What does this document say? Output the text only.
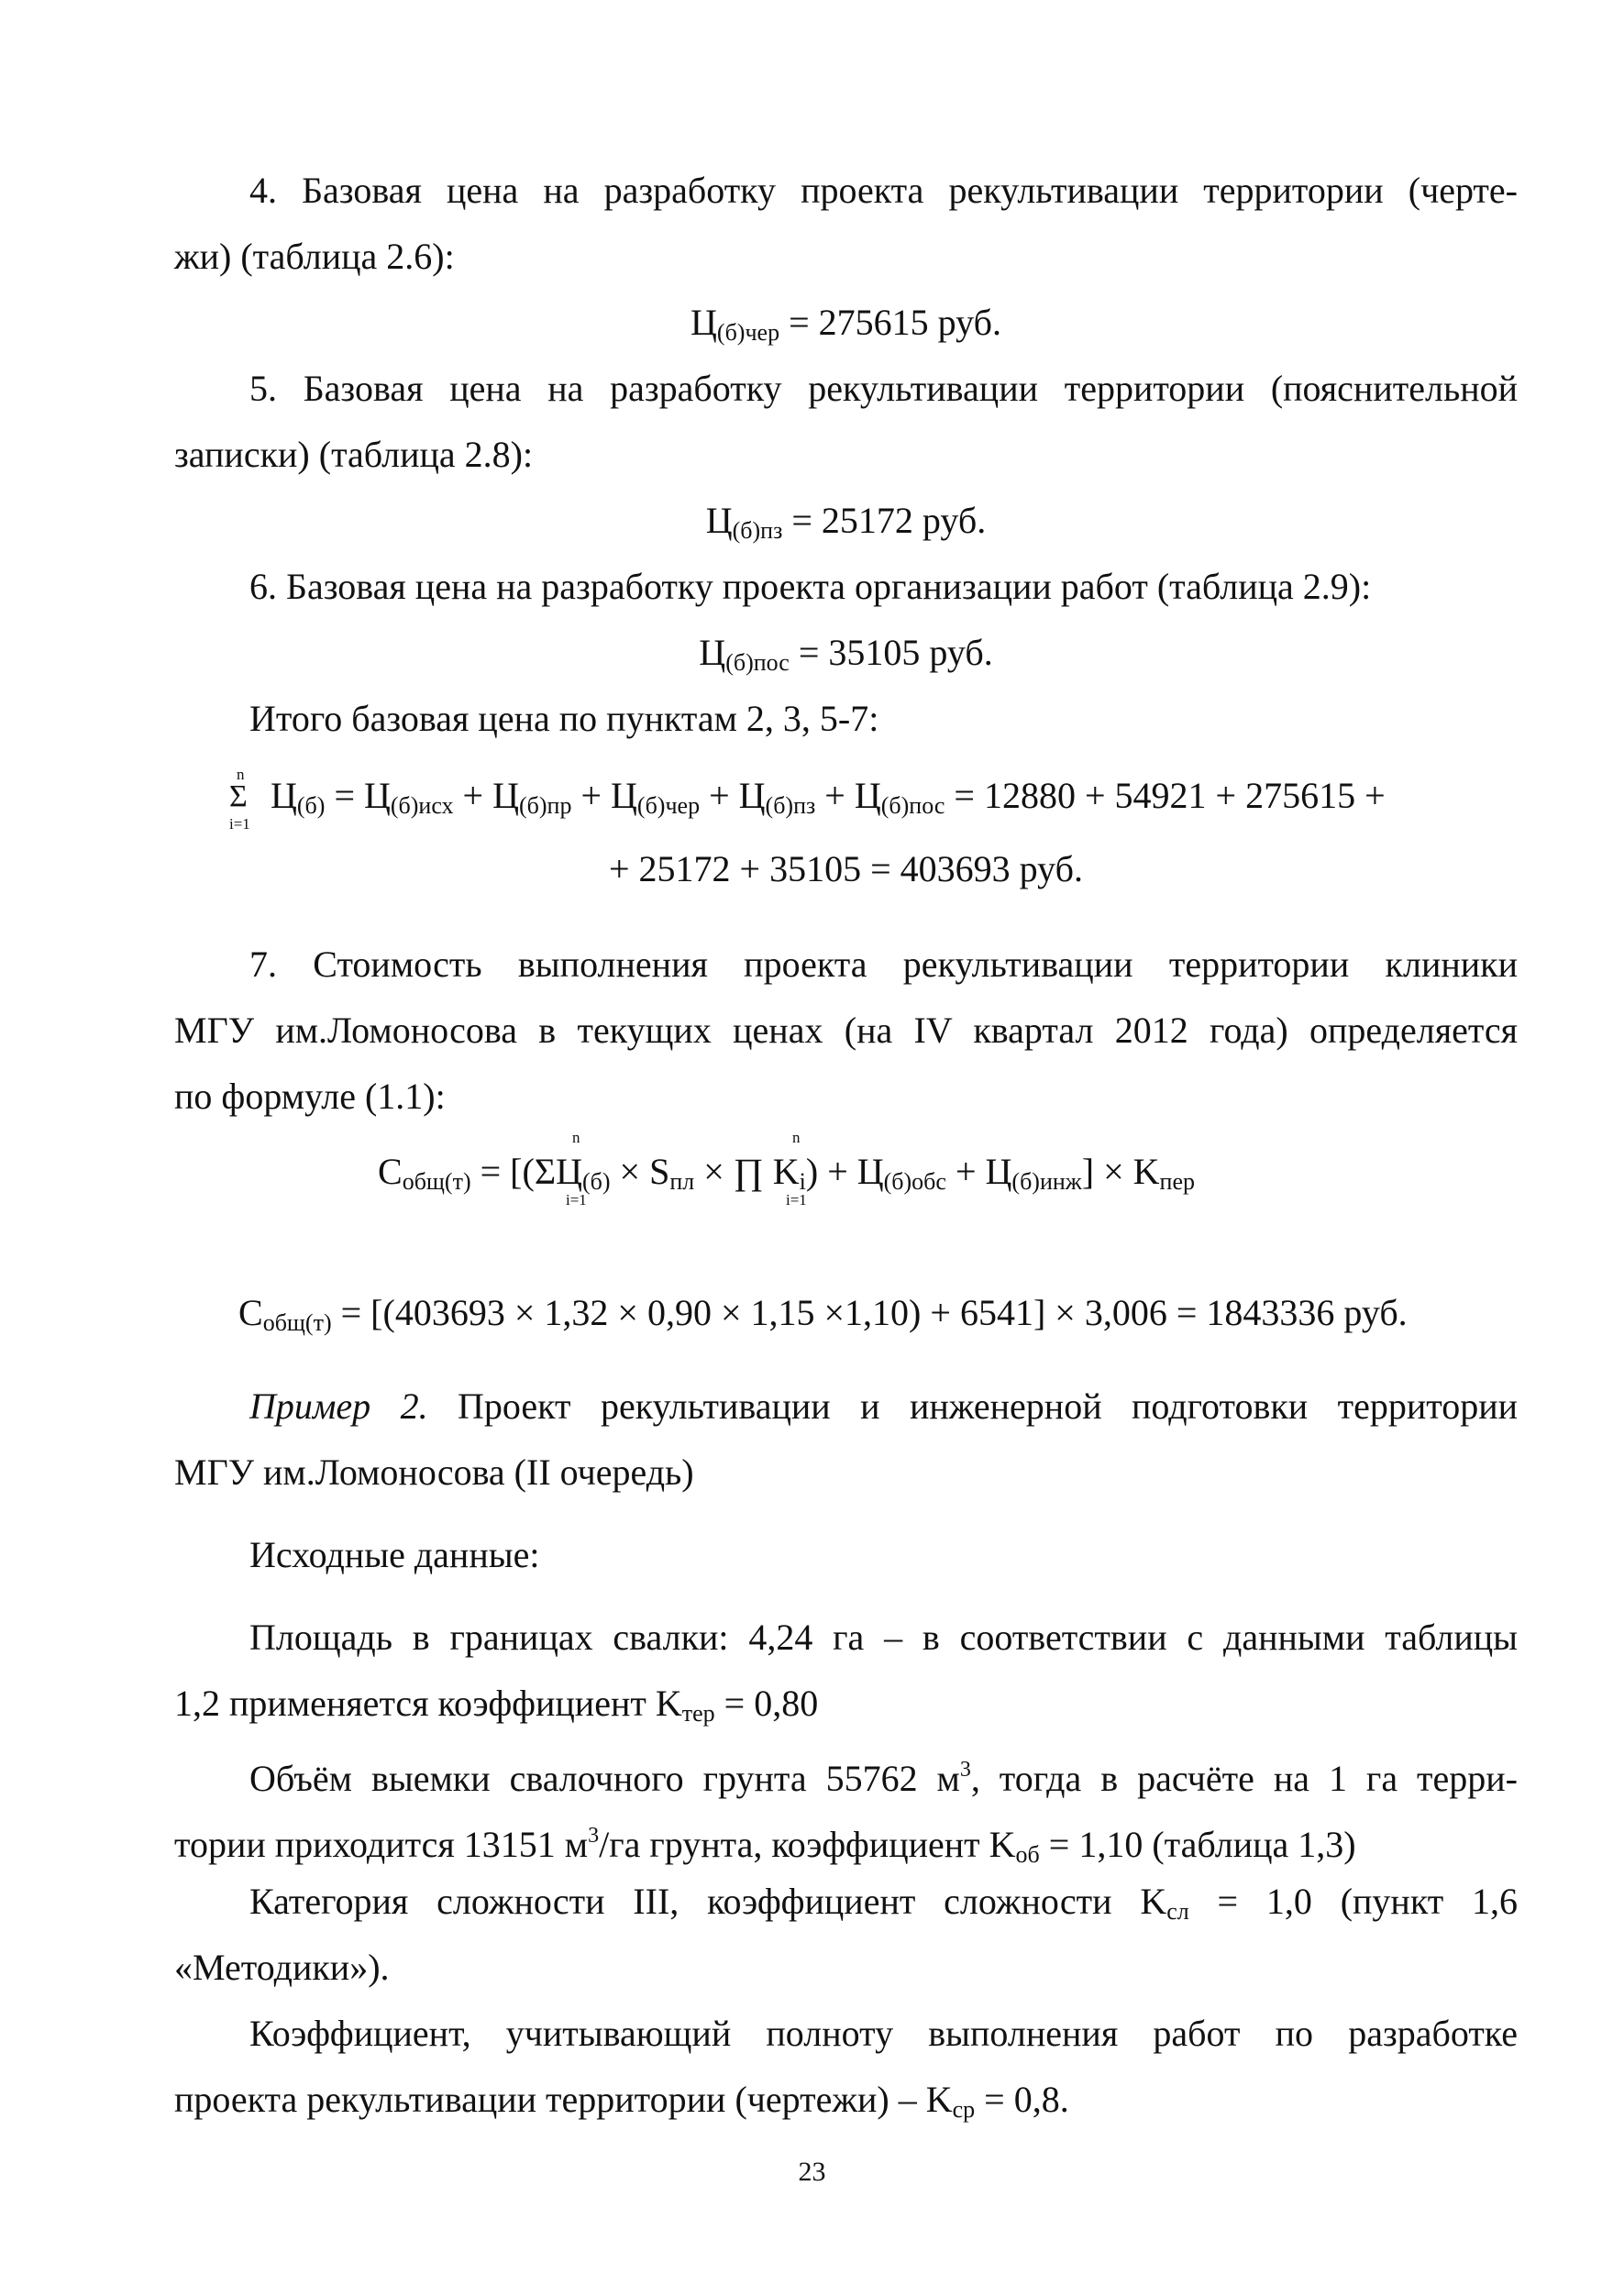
4. Базовая цена на разработку проекта рекультивации территории (черте-
жи) (таблица 2.6):
$Ц_{(б)чер} = 275615$ руб.
5. Базовая цена на разработку рекультивации территории (пояснительной
записки) (таблица 2.8):
$Ц_{(б)пз} = 25172$ руб.
6. Базовая цена на разработку проекта организации работ (таблица 2.9):
$Ц_{(б)пос} = 35105$ руб.
Итого базовая цена по пунктам 2, 3, 5-7:
n
Σ
i=1
$Ц_{(б)} = Ц_{(б)исх} + Ц_{(б)пр} + Ц_{(б)чер} + Ц_{(б)пз} + Ц_{(б)пос} = 12880 + 54921 + 275615$ +
+ 25172 + 35105 = 403693 руб.
7. Стоимость выполнения проекта рекультивации территории клиники
МГУ им.Ломоносова в текущих ценах (на IV квартал 2012 года) определяется
по формуле (1.1):
n
i=1
n
i=1
$С_{общ(т)} = [(\Sigma Ц_{(б)} \times S_{пл}$ × ∏ $K_i) + Ц_{(б)обс} + Ц_{(б)инж}] \times K_{пер}$
$С_{общ(т)} = [(403693 \times 1,32 \times 0,90 \times 1,15 \times 1,10) + 6541] \times 3,006 = 1843336$ руб.
Пример 2. Проект рекультивации и инженерной подготовки территории
МГУ им.Ломоносова (II очередь)
Исходные данные:
Площадь в границах свалки: 4,24 га – в соответствии с данными таблицы
1,2 применяется коэффициент $K_{тер} = 0,80$
Объём выемки свалочного грунта 55762 $м^3$, тогда в расчёте на 1 га терри-
тории приходится 13151 $м^3/га$ грунта, коэффициент $K_{об} = 1,10$ (таблица 1,3)
Категория сложности III, коэффициент сложности $K_{сл} = 1,0$ (пункт 1,6
«Методики»).
Коэффициент, учитывающий полноту выполнения работ по разработке
проекта рекультивации территории (чертежи) – $K_{ср} = 0,8$.
23
